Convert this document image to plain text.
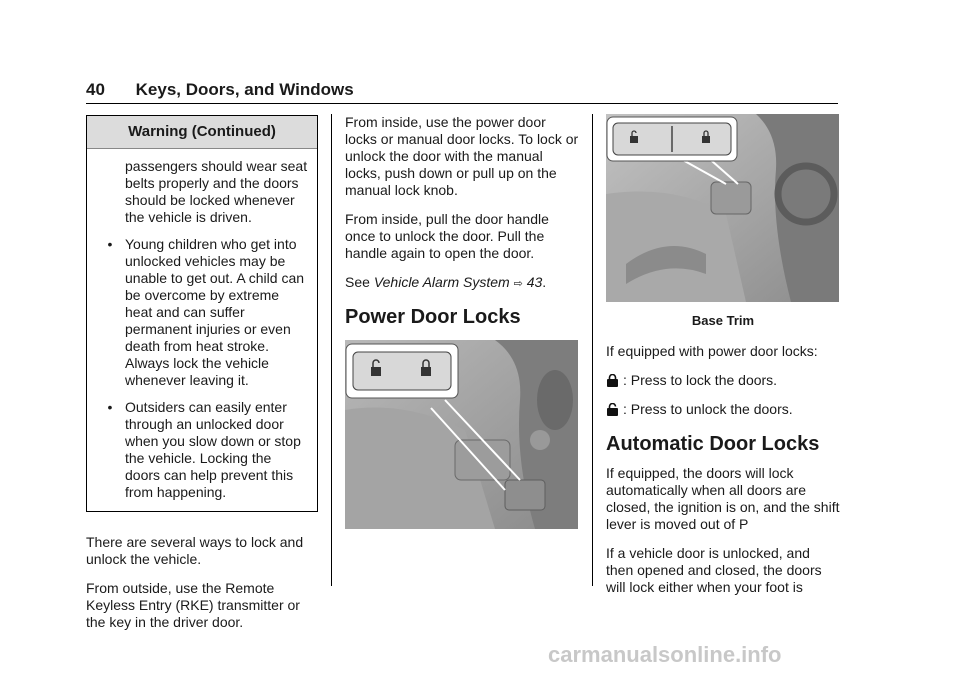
40 Keys, Doors, and Windows
Warning (Continued)

passengers should wear seat belts properly and the doors should be locked whenever the vehicle is driven.

• Young children who get into unlocked vehicles may be unable to get out. A child can be overcome by extreme heat and can suffer permanent injuries or even death from heat stroke. Always lock the vehicle whenever leaving it.
• Outsiders can easily enter through an unlocked door when you slow down or stop the vehicle. Locking the doors can help prevent this from happening.

There are several ways to lock and unlock the vehicle.

From outside, use the Remote Keyless Entry (RKE) transmitter or the key in the driver door.

From inside, use the power door locks or manual door locks. To lock or unlock the door with the manual locks, push down or pull up on the manual lock knob.

From inside, pull the door handle once to unlock the door. Pull the handle again to open the door.

See Vehicle Alarm System ⇨ 43.

Power Door Locks	Base Trim

If equipped with power door locks:

: Press to lock the doors.
: Press to unlock the doors.
Automatic Door Locks

If equipped, the doors will lock automatically when all doors are closed, the ignition is on, and the shift lever is moved out of P

If a vehicle door is unlocked, and then opened and closed, the doors will lock either when your foot is

carmanualsonline.info
